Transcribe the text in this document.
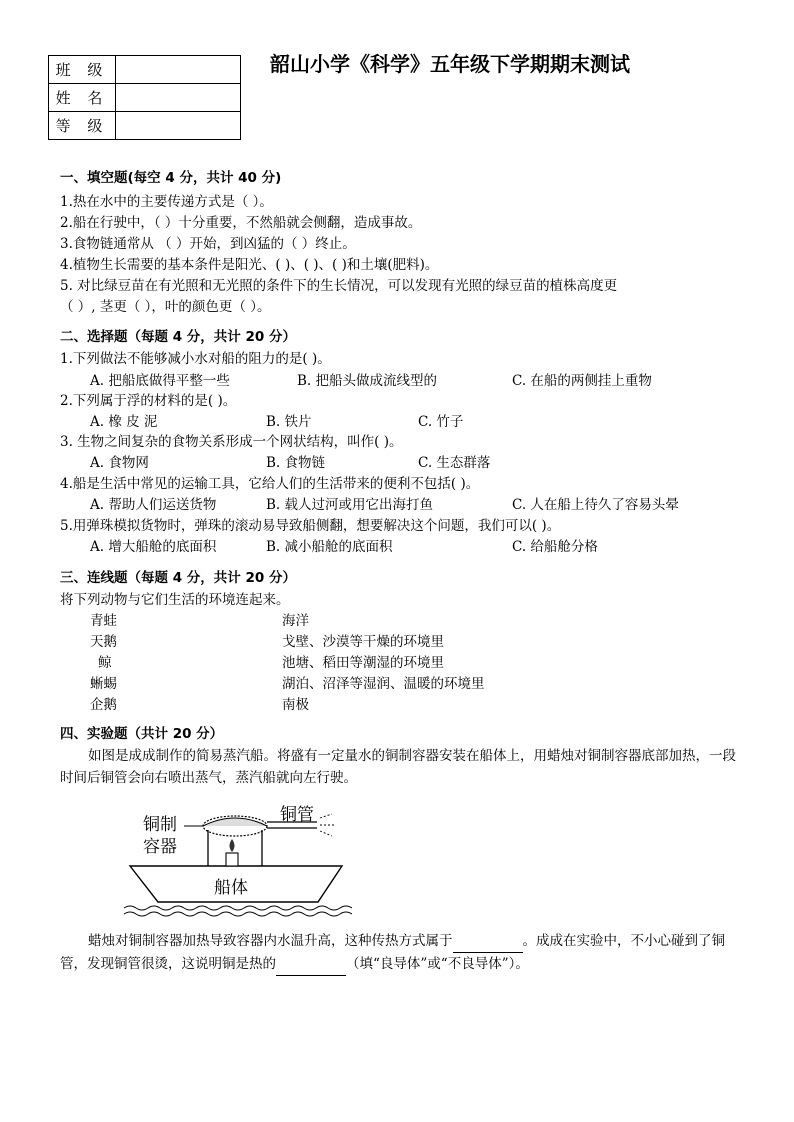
班 级	
姓 名	
等 级	
韶山小学《科学》五年级下学期期末测试
一、填空题(每空 4 分，共计 40 分)
1.热在水中的主要传递方式是（ ）。
2.船在行驶中，（ ）十分重要，不然船就会侧翻，造成事故。
3.食物链通常从 （ ）开始，到凶猛的（ ）终止。
4.植物生长需要的基本条件是阳光、( )、( )、( )和土壤(肥料)。
5. 对比绿豆苗在有光照和无光照的条件下的生长情况，可以发现有光照的绿豆苗的植株高度更
（ ）, 茎更（ ），叶的颜色更（ ）。
二、选择题（每题 4 分，共计 20 分）
1.下列做法不能够减小水对船的阻力的是( )。
A. 把船底做得平整一些	B. 把船头做成流线型的	C. 在船的两侧挂上重物
2.下列属于浮的材料的是( )。
A. 橡 皮 泥	B. 铁片	C. 竹子
3. 生物之间复杂的食物关系形成一个网状结构，叫作( )。
A. 食物网	B. 食物链	C. 生态群落
4.船是生活中常见的运输工具，它给人们的生活带来的便利不包括( )。
A. 帮助人们运送货物	B. 载人过河或用它出海打鱼	C. 人在船上待久了容易头晕
5.用弹珠模拟货物时，弹珠的滚动易导致船侧翻，想要解决这个问题，我们可以( )。
A. 增大船舱的底面积	B. 减小船舱的底面积	C. 给船舱分格
三、连线题（每题 4 分，共计 20 分）
将下列动物与它们生活的环境连起来。
青蛙
天鹅
鲸
蜥蜴
企鹅
海洋
戈壁、沙漠等干燥的环境里
池塘、稻田等潮湿的环境里
湖泊、沼泽等湿润、温暖的环境里
南极
四、实验题（共计 20 分）
如图是成成制作的简易蒸汽船。将盛有一定量水的铜制容器安装在船体上，用蜡烛对铜制容器底部加热，一段时间后铜管会向右喷出蒸气，蒸汽船就向左行驶。
铜制
容器
铜管
船体
蜡烛对铜制容器加热导致容器内水温升高，这种传热方式属于	。成成在实验中，不小心碰到了铜管，发现铜管很烫，这说明铜是热的	（填“良导体”或“不良导体”）。
